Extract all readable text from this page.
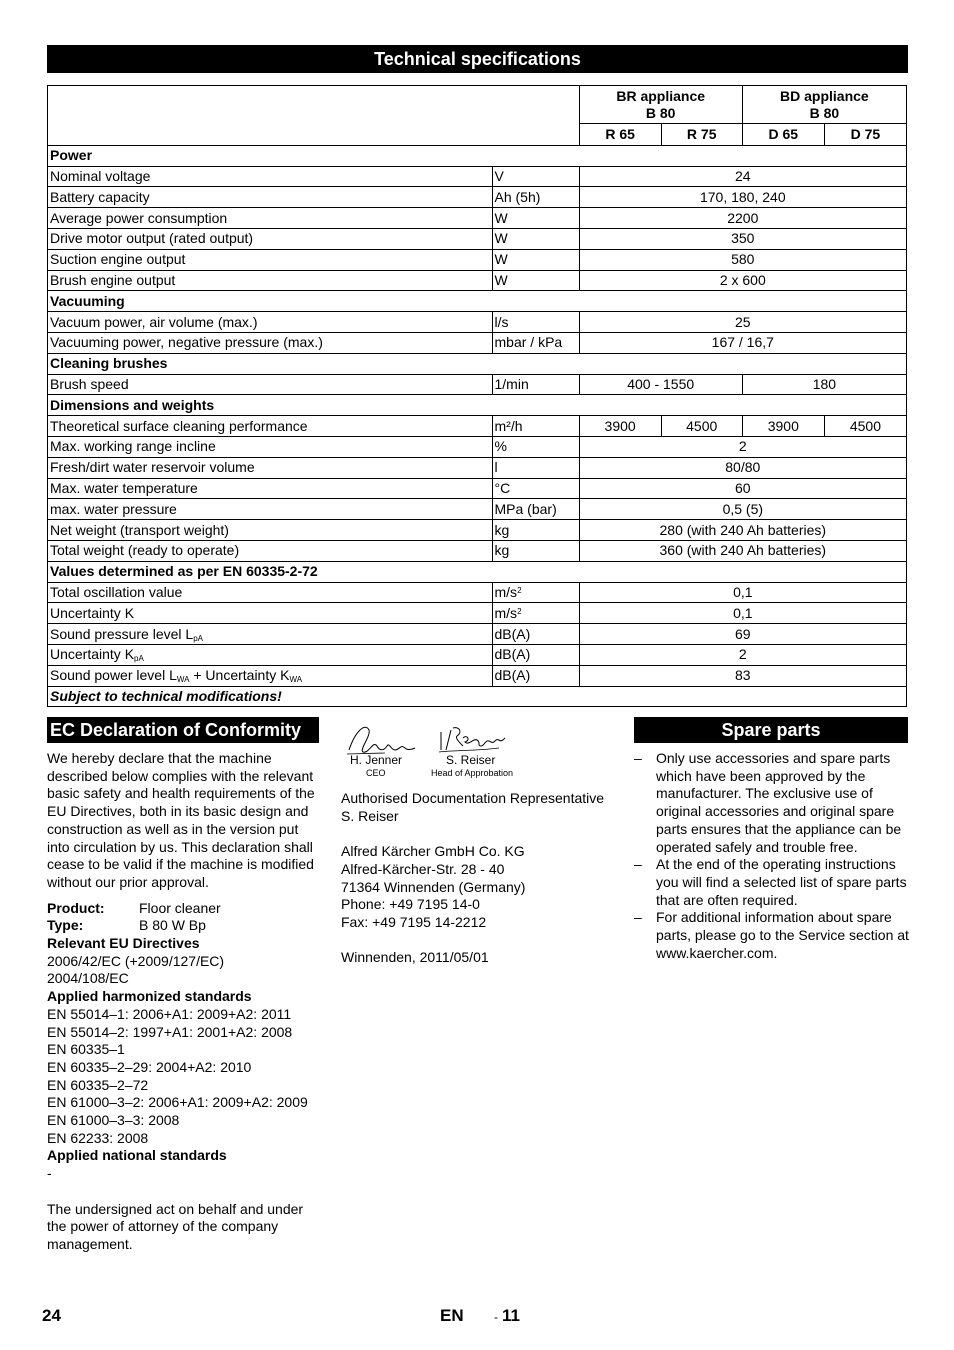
Technical specifications
		BR appliance
B 80		BD appliance
B 80	
		R 65	R 75	D 65	D 75
Power					
Nominal voltage	V	24			
Battery capacity	Ah (5h)	170, 180, 240			
Average power consumption	W	2200			
Drive motor output (rated output)	W	350			
Suction engine output	W	580			
Brush engine output	W	2 x 600			
Vacuuming					
Vacuum power, air volume (max.)	l/s	25			
Vacuuming power, negative pressure (max.)	mbar / kPa	167 / 16,7			
Cleaning brushes					
Brush speed	1/min	400 - 1550		180	
Dimensions and weights					
Theoretical surface cleaning performance	m²/h	3900	4500	3900	4500
Max. working range incline	%	2			
Fresh/dirt water reservoir volume	l	80/80			
Max. water temperature	°C	60			
max. water pressure	MPa (bar)	0,5 (5)			
Net weight (transport weight)	kg	280 (with 240 Ah batteries)			
Total weight (ready to operate)	kg	360 (with 240 Ah batteries)			
Values determined as per EN 60335-2-72					
Total oscillation value	$m/s^2$	0,1			
Uncertainty K	$m/s^2$	0,1			
Sound pressure level $L_{pA}$	dB(A)	69			
Uncertainty $K_{pA}$	dB(A)	2			
Sound power level $L_{WA}$ + Uncertainty $K_{WA}$	dB(A)	83			
Subject to technical modifications!					
EC Declaration of Conformity	Spare parts

We hereby declare that the machine described below complies with the relevant basic safety and health requirements of the EU Directives, both in its basic design and construction as well as in the version put into circulation by us. This declaration shall cease to be valid if the machine is modified without our prior approval.

Product:	Floor cleaner
Type:	B 80 W Bp
Relevant EU Directives
2006/42/EC (+2009/127/EC)
2004/108/EC
Applied harmonized standards
EN 55014–1: 2006+A1: 2009+A2: 2011
EN 55014–2: 1997+A1: 2001+A2: 2008
EN 60335–1
EN 60335–2–29: 2004+A2: 2010
EN 60335–2–72
EN 61000–3–2: 2006+A1: 2009+A2: 2009
EN 61000–3–3: 2008
EN 62233: 2008
Applied national standards
-

The undersigned act on behalf and under the power of attorney of the company management.

H. Jenner
CEO
S. Reiser
Head of Approbation
Authorised Documentation Representative
S. Reiser
Alfred Kärcher GmbH Co. KG
Alfred-Kärcher-Str. 28 - 40
71364 Winnenden (Germany)
Phone: +49 7195 14-0
Fax: +49 7195 14-2212
Winnenden, 2011/05/01
–	Only use accessories and spare parts which have been approved by the manufacturer. The exclusive use of original accessories and original spare parts ensures that the appliance can be operated safely and trouble free.
–	At the end of the operating instructions you will find a selected list of spare parts that are often required.
–	For additional information about spare parts, please go to the Service section at www.kaercher.com.
24	EN	- 11
